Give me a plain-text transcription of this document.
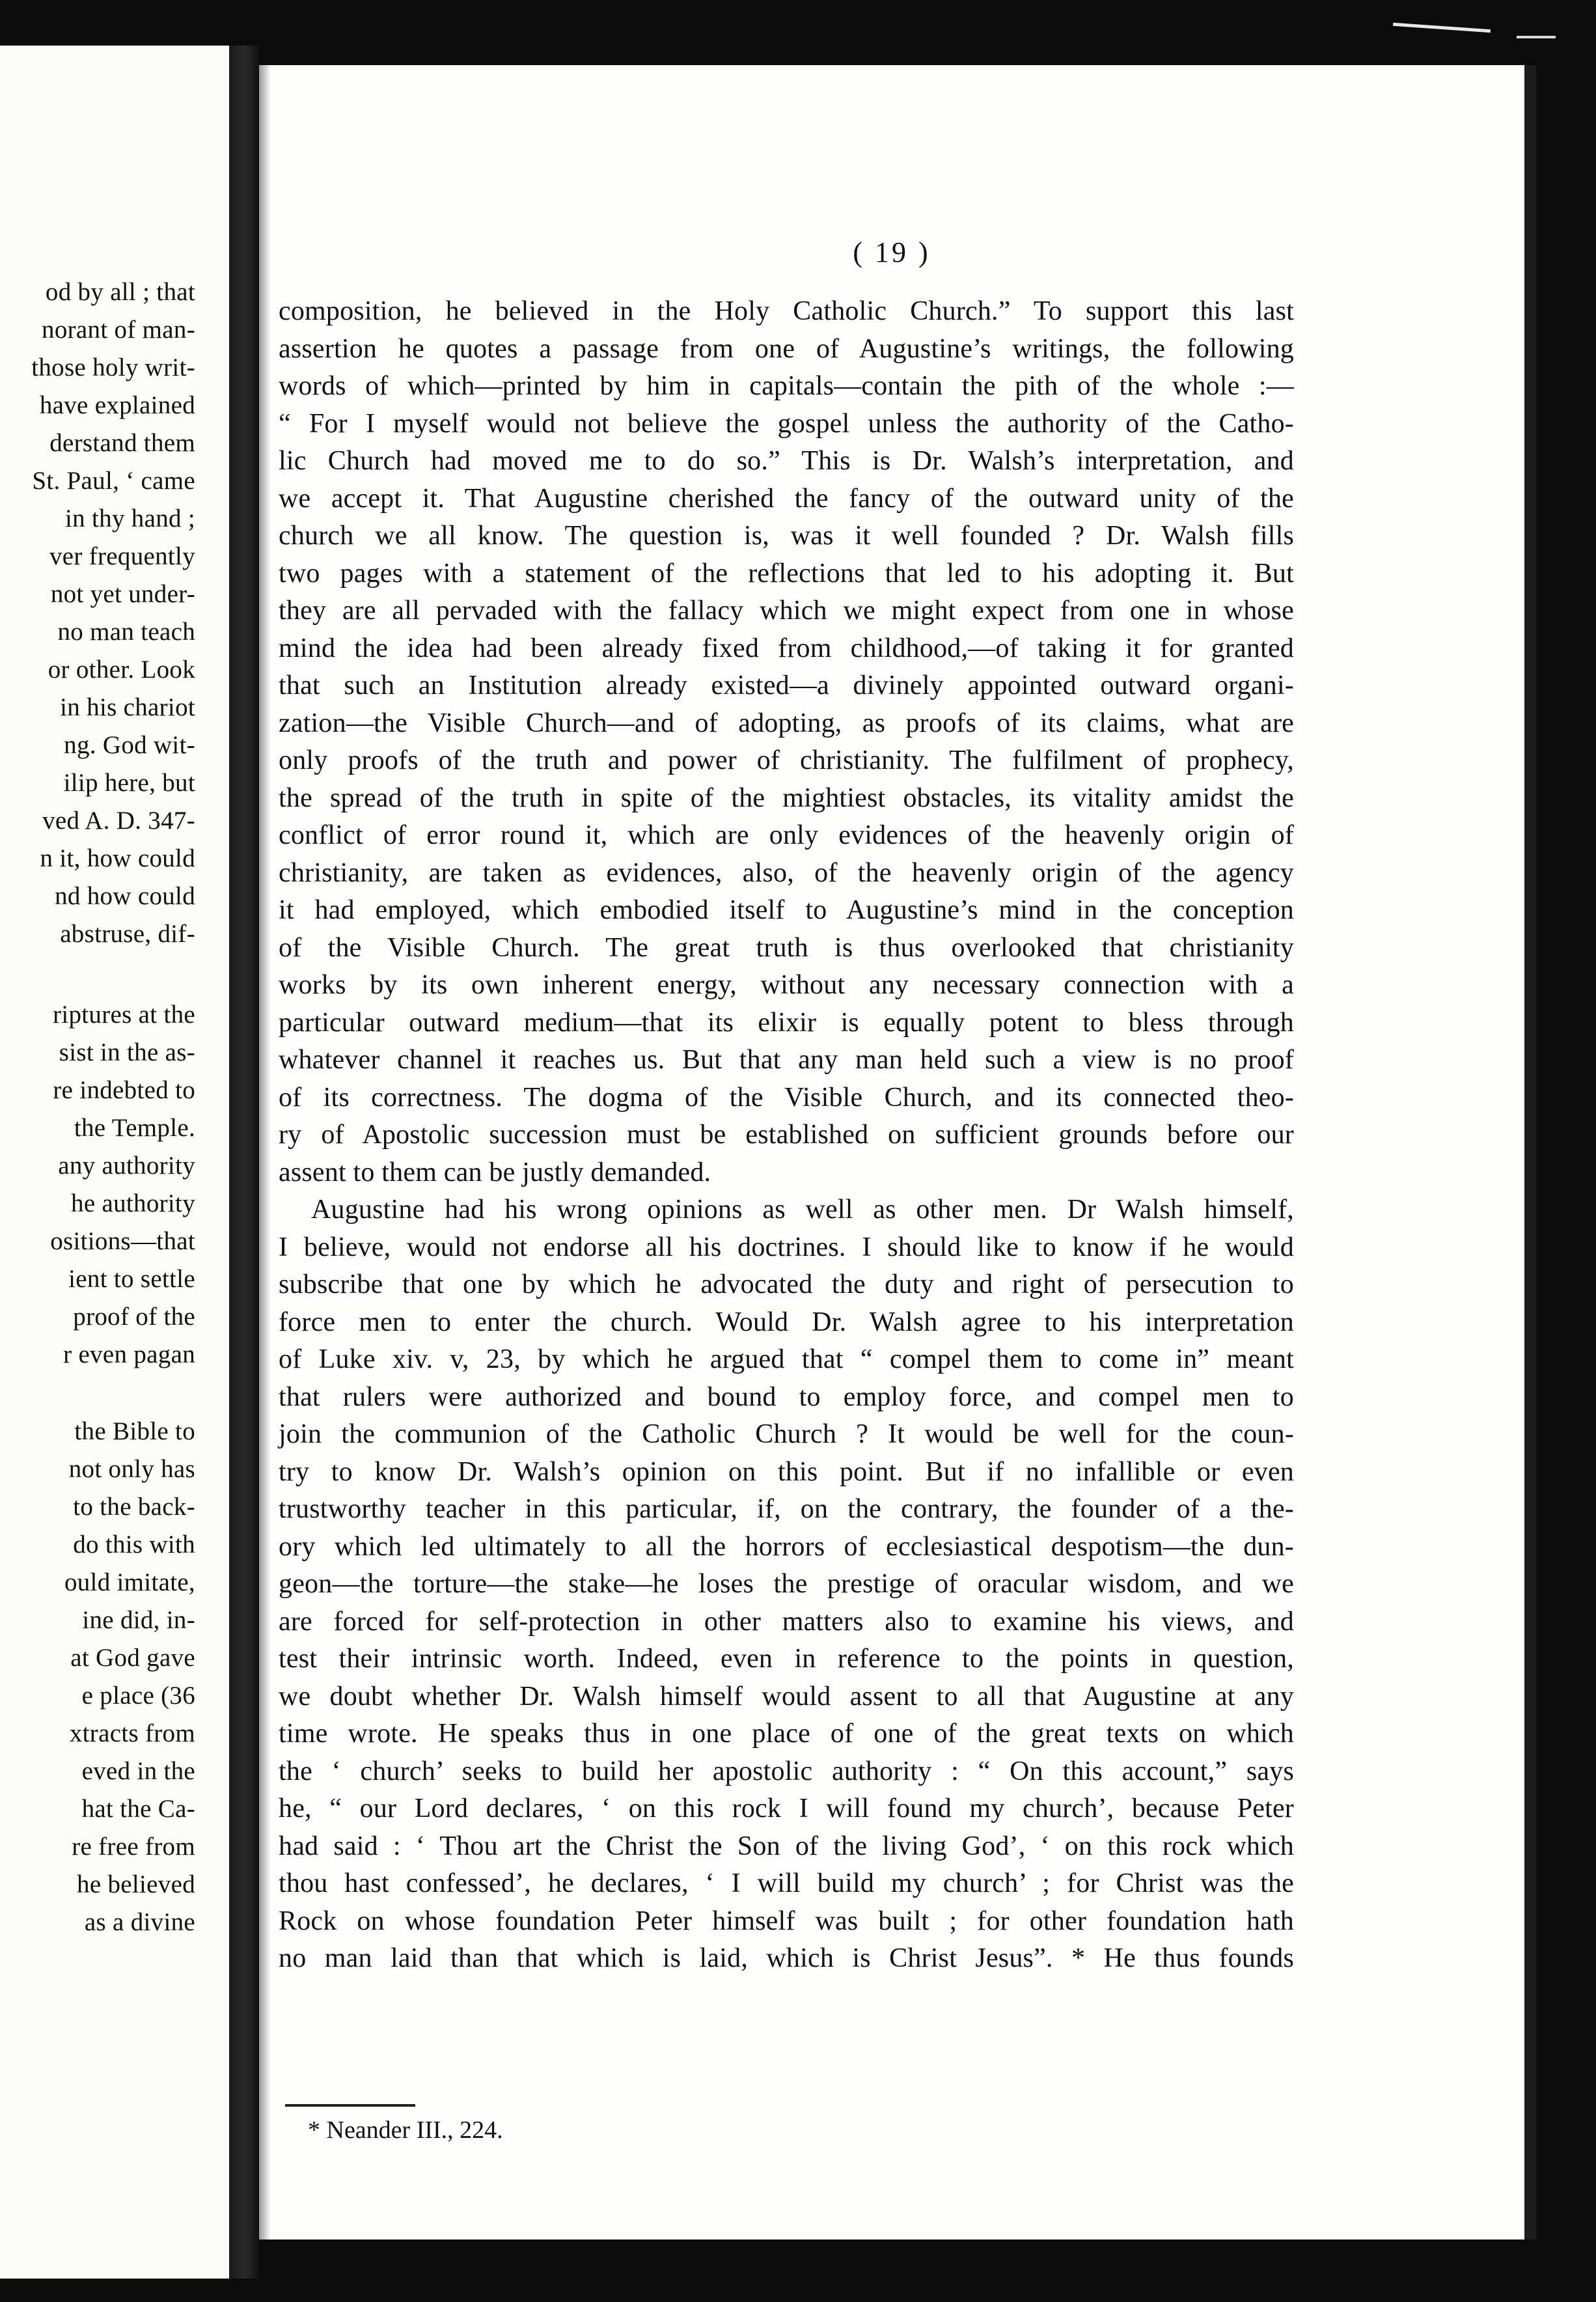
od by all ; that
norant of man-
those holy writ-
have explained
derstand them
St. Paul, ‘ came
in thy hand ;
ver frequently
not yet under-
no man teach
or other. Look
in his chariot
ng. God wit-
ilip here, but
ved A. D. 347-
n it, how could
nd how could
abstruse, dif-
riptures at the
sist in the as-
re indebted to
the Temple.
any authority
he authority
ositions—that
ient to settle
proof of the
r even pagan
the Bible to
not only has
to the back-
do this with
ould imitate,
ine did, in-
at God gave
e place (36
xtracts from
eved in the
hat the Ca-
re free from
he believed
as a divine
( 19 )
composition, he believed in the Holy Catholic Church.” To support this last
assertion he quotes a passage from one of Augustine’s writings, the following
words of which—printed by him in capitals—contain the pith of the whole :—
“ For I myself would not believe the gospel unless the authority of the Catho-
lic Church had moved me to do so.” This is Dr. Walsh’s interpretation, and
we accept it. That Augustine cherished the fancy of the outward unity of the
church we all know. The question is, was it well founded ? Dr. Walsh fills
two pages with a statement of the reflections that led to his adopting it. But
they are all pervaded with the fallacy which we might expect from one in whose
mind the idea had been already fixed from childhood,—of taking it for granted
that such an Institution already existed—a divinely appointed outward organi-
zation—the Visible Church—and of adopting, as proofs of its claims, what are
only proofs of the truth and power of christianity. The fulfilment of prophecy,
the spread of the truth in spite of the mightiest obstacles, its vitality amidst the
conflict of error round it, which are only evidences of the heavenly origin of
christianity, are taken as evidences, also, of the heavenly origin of the agency
it had employed, which embodied itself to Augustine’s mind in the conception
of the Visible Church. The great truth is thus overlooked that christianity
works by its own inherent energy, without any necessary connection with a
particular outward medium—that its elixir is equally potent to bless through
whatever channel it reaches us. But that any man held such a view is no proof
of its correctness. The dogma of the Visible Church, and its connected theo-
ry of Apostolic succession must be established on sufficient grounds before our
assent to them can be justly demanded.
Augustine had his wrong opinions as well as other men. Dr Walsh himself,
I believe, would not endorse all his doctrines. I should like to know if he would
subscribe that one by which he advocated the duty and right of persecution to
force men to enter the church. Would Dr. Walsh agree to his interpretation
of Luke xiv. v, 23, by which he argued that “ compel them to come in” meant
that rulers were authorized and bound to employ force, and compel men to
join the communion of the Catholic Church ? It would be well for the coun-
try to know Dr. Walsh’s opinion on this point. But if no infallible or even
trustworthy teacher in this particular, if, on the contrary, the founder of a the-
ory which led ultimately to all the horrors of ecclesiastical despotism—the dun-
geon—the torture—the stake—he loses the prestige of oracular wisdom, and we
are forced for self-protection in other matters also to examine his views, and
test their intrinsic worth. Indeed, even in reference to the points in question,
we doubt whether Dr. Walsh himself would assent to all that Augustine at any
time wrote. He speaks thus in one place of one of the great texts on which
the ‘ church’ seeks to build her apostolic authority : “ On this account,” says
he, “ our Lord declares, ‘ on this rock I will found my church’, because Peter
had said : ‘ Thou art the Christ the Son of the living God’, ‘ on this rock which
thou hast confessed’, he declares, ‘ I will build my church’ ; for Christ was the
Rock on whose foundation Peter himself was built ; for other foundation hath
no man laid than that which is laid, which is Christ Jesus”. * He thus founds
* Neander III., 224.
